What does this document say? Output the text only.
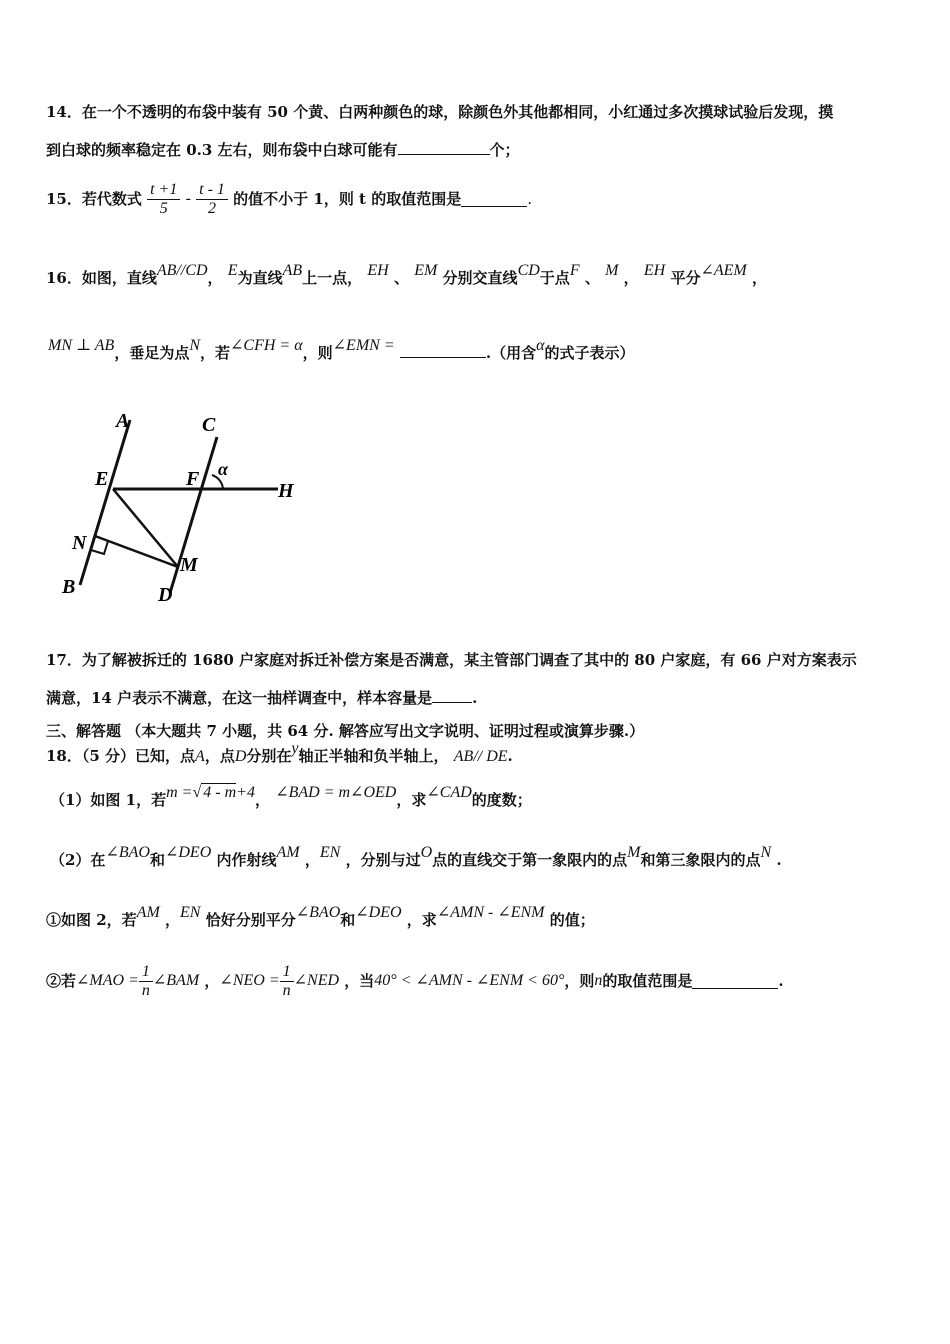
14．在一个不透明的布袋中装有 50 个黄、白两种颜色的球，除颜色外其他都相同，小红通过多次摸球试验后发现，摸
到白球的频率稳定在 0.3 左右，则布袋中白球可能有	个；
15．若代数式 $\frac{t +1}{5} - \frac{t - 1}{2}$ 的值不小于 1，则 t 的取值范围是	.
16．如图，直线AB//CD， E为直线AB上一点， EH 、 EM 分别交直线CD于点F 、 M ， EH 平分∠AEM ，
MN ⊥ AB，垂足为点N，若∠CFH = α，则∠EMN =	.（用含α的式子表示）
A	C
E	F α
H
N
M
B	D
17．为了解被拆迁的 1680 户家庭对拆迁补偿方案是否满意，某主管部门调查了其中的 80 户家庭，有 66 户对方案表示
满意，14 户表示不满意，在这一抽样调查中，样本容量是	.
三、解答题 （本大题共 7 小题，共 64 分. 解答应写出文字说明、证明过程或演算步骤.）
18．（5 分）已知，点A，点D分别在y轴正半轴和负半轴上， AB// DE.
（1）如图 1，若m =√ 4 - m+4， ∠BAD = m∠OED，求∠CAD的度数；
（2）在∠BAO和∠DEO 内作射线AM ，EN ，分别与过O点的直线交于第一象限内的点M和第三象限内的点N .
①如图 2，若AM ，EN 恰好分别平分∠BAO和∠DEO ，求∠AMN - ∠ENM 的值；
②若∠MAO = $\frac{1}{n}$ ∠BAM ，∠NEO = $\frac{1}{n}$ ∠NED ，当40° < ∠AMN - ∠ENM < 60°，则n的取值范围是	.
